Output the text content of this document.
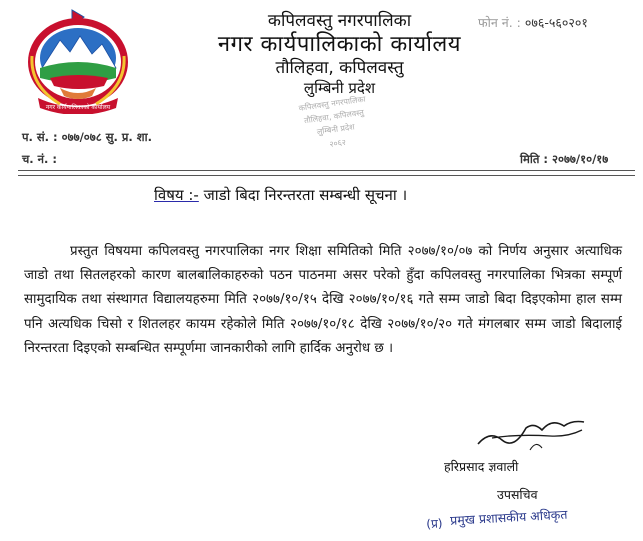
नगर कार्यपालिकाको कार्यालय
कपिलवस्तु नगरपालिका
नगर कार्यपालिकाको कार्यालय
तौलिहवा, कपिलवस्तु
लुम्बिनी प्रदेश
फोन नं. : ०७६-५६०२०१
कपिलवस्तु नगरपालिका
तौलिहवा, कपिलवस्तु
लुम्बिनी प्रदेश
२०६२
प. सं. : ०७७/०७८ सु. प्र. शा.
च. नं. :	मिति : २०७७/१०/१७
विषय :- जाडो बिदा निरन्तरता सम्बन्धी सूचना ।
प्रस्तुत विषयमा कपिलवस्तु नगरपालिका नगर शिक्षा समितिको मिति २०७७/१०/०७ को निर्णय अनुसार अत्याधिक जाडो तथा सितलहरको कारण बालबालिकाहरुको पठन पाठनमा असर परेको हुँदा कपिलवस्तु नगरपालिका भित्रका सम्पूर्ण सामुदायिक तथा संस्थागत विद्यालयहरुमा मिति २०७७/१०/१५ देखि २०७७/१०/१६ गते सम्म जाडो बिदा दिइएकोमा हाल सम्म पनि अत्यधिक चिसो र शितलहर कायम रहेकोले मिति २०७७/१०/१८ देखि २०७७/१०/२० गते मंगलबार सम्म जाडो बिदालाई निरन्तरता दिइएको सम्बन्धित सम्पूर्णमा जानकारीको लागि हार्दिक अनुरोध छ ।
हरिप्रसाद ज्ञवाली
उपसचिव
(प्र) प्रमुख प्रशासकीय अधिकृत
